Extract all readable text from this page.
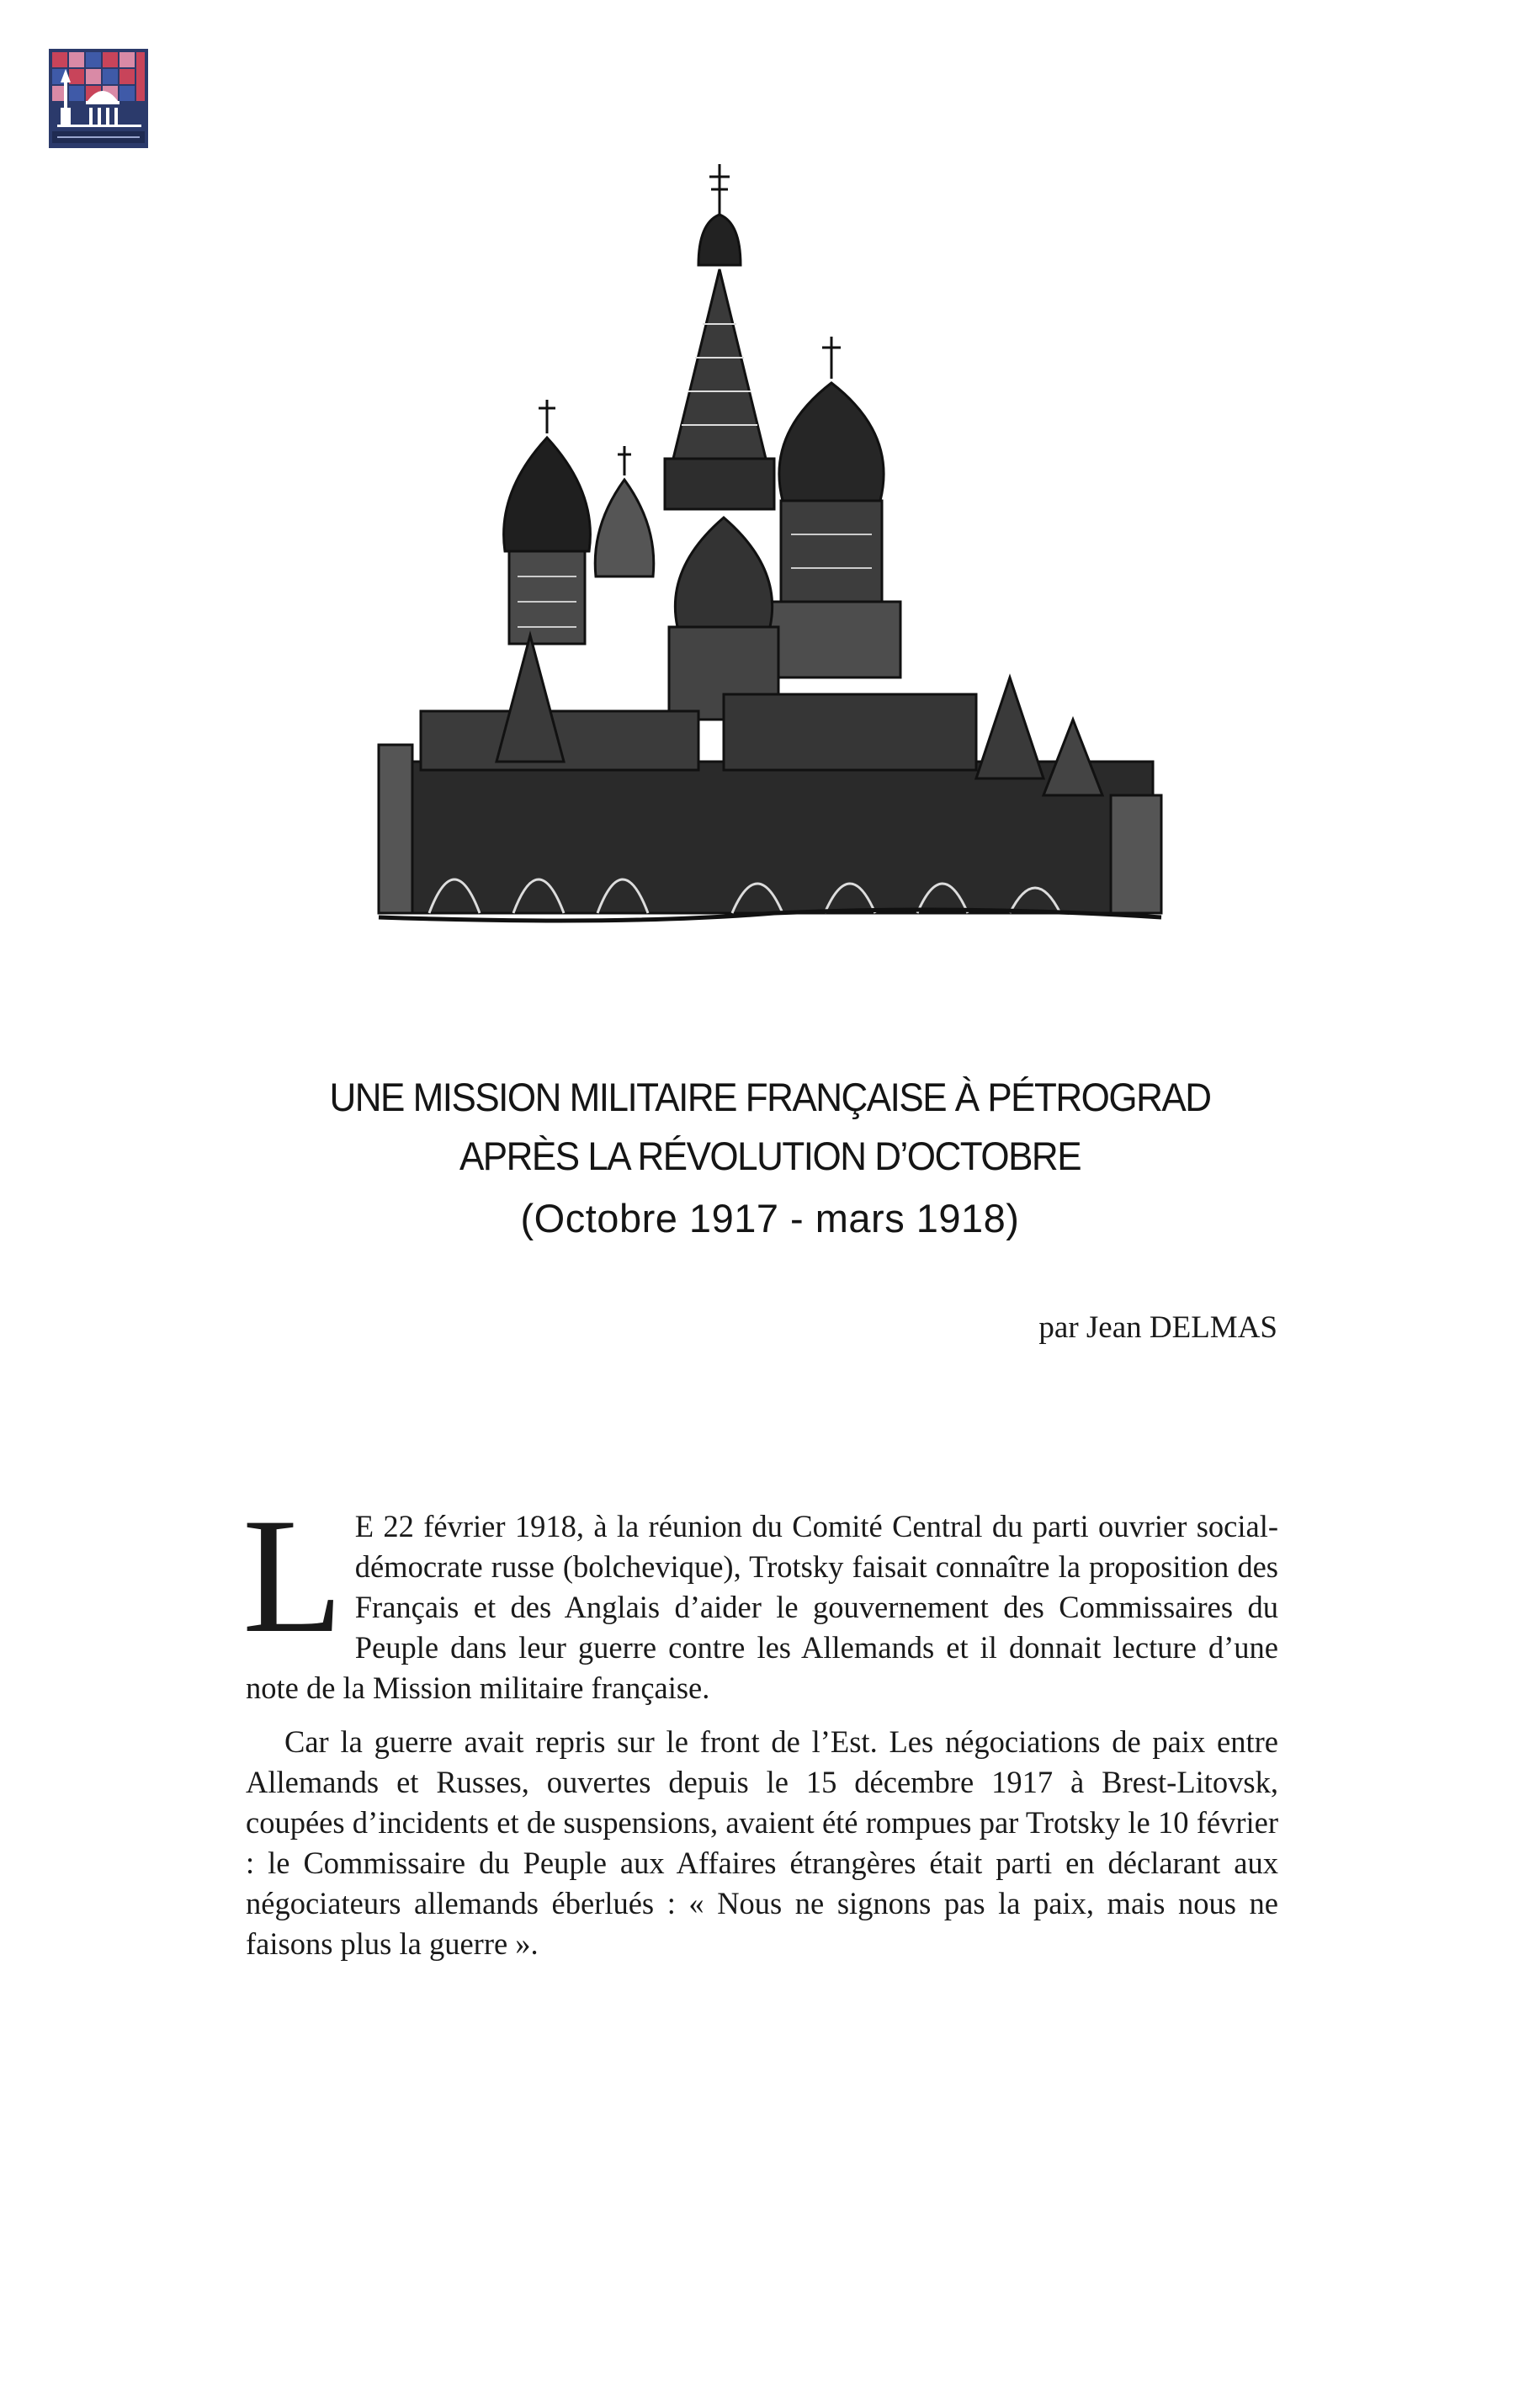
UNE MISSION MILITAIRE FRANÇAISE À PÉTROGRAD
APRÈS LA RÉVOLUTION D’OCTOBRE
(Octobre 1917 - mars 1918)
par Jean DELMAS

L E 22 février 1918, à la réunion du Comité Central du parti ouvrier social-démocrate russe (bolchevique), Trotsky faisait connaître la proposition des Français et des Anglais d’aider le gouvernement des Commissaires du Peuple dans leur guerre contre les Allemands et il donnait lecture d’une note de la Mission militaire française.

Car la guerre avait repris sur le front de l’Est. Les négociations de paix entre Allemands et Russes, ouvertes depuis le 15 décembre 1917 à Brest-Litovsk, coupées d’incidents et de suspensions, avaient été rompues par Trotsky le 10 février : le Commissaire du Peuple aux Affaires étrangères était parti en déclarant aux négociateurs allemands éberlués : « Nous ne signons pas la paix, mais nous ne faisons plus la guerre ».
